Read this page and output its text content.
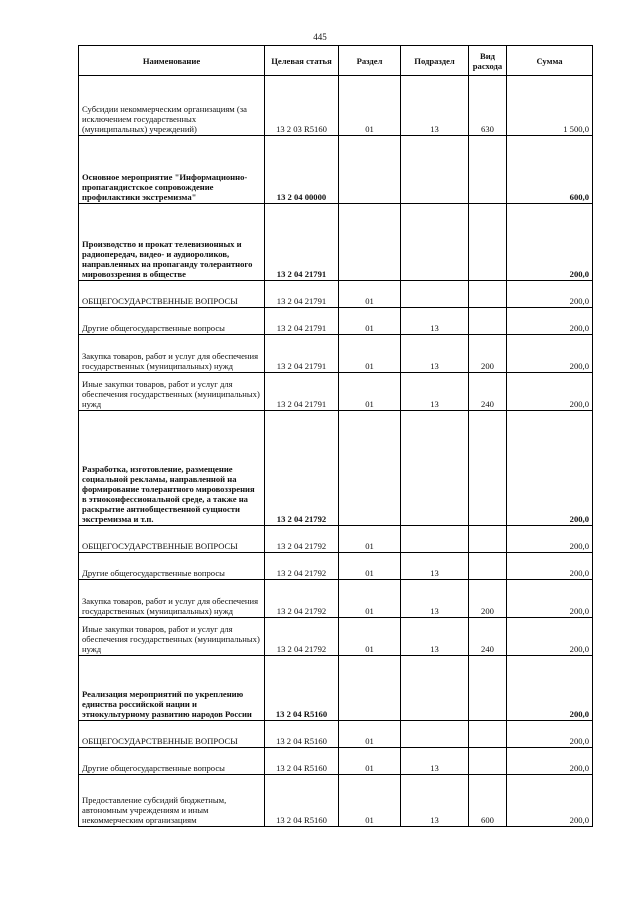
445
Наименование	Целевая статья	Раздел	Подраздел	Вид расхода	Сумма
Субсидии некоммерческим организациям (за исключением государственных (муниципальных) учреждений)	13 2 03 R5160	01	13	630	1 500,0
Основное мероприятие "Информационно-пропагандистское сопровождение профилактики экстремизма"	13 2 04 00000				600,0
Производство и прокат телевизионных и радиопередач, видео- и аудиороликов, направленных на пропаганду толерантного мировоззрения в обществе	13 2 04 21791				200,0
ОБЩЕГОСУДАРСТВЕННЫЕ ВОПРОСЫ	13 2 04 21791	01			200,0
Другие общегосударственные вопросы	13 2 04 21791	01	13		200,0
Закупка товаров, работ и услуг для обеспечения государственных (муниципальных) нужд	13 2 04 21791	01	13	200	200,0
Иные закупки товаров, работ и услуг для обеспечения государственных (муниципальных) нужд	13 2 04 21791	01	13	240	200,0
Разработка, изготовление, размещение социальной рекламы, направленной на формирование толерантного мировоззрения в этноконфессиональной среде, а также на раскрытие антиобщественной сущности экстремизма и т.п.	13 2 04 21792				200,0
ОБЩЕГОСУДАРСТВЕННЫЕ ВОПРОСЫ	13 2 04 21792	01			200,0
Другие общегосударственные вопросы	13 2 04 21792	01	13		200,0
Закупка товаров, работ и услуг для обеспечения государственных (муниципальных) нужд	13 2 04 21792	01	13	200	200,0
Иные закупки товаров, работ и услуг для обеспечения государственных (муниципальных) нужд	13 2 04 21792	01	13	240	200,0
Реализация мероприятий по укреплению единства российской нации и этнокультурному развитию народов России	13 2 04 R5160				200,0
ОБЩЕГОСУДАРСТВЕННЫЕ ВОПРОСЫ	13 2 04 R5160	01			200,0
Другие общегосударственные вопросы	13 2 04 R5160	01	13		200,0
Предоставление субсидий бюджетным, автономным учреждениям и иным некоммерческим организациям	13 2 04 R5160	01	13	600	200,0
